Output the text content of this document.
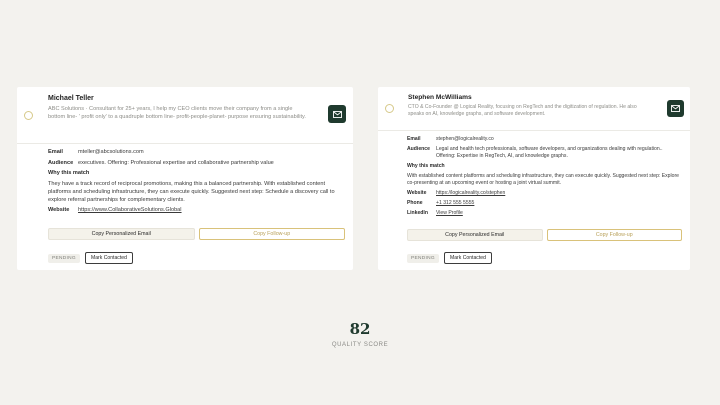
Michael Teller
ABC Solutions · Consultant for 25+ years, I help my CEO clients move their company from a single bottom line- ' profit only' to a quadruple bottom line- profit-people-planet- purpose ensuring sustainability.
Email	mteller@abcsolutions.com
Audience executives. Offering: Professional expertise and collaborative partnership value
Why this match
They have a track record of reciprocal promotions, making this a balanced partnership. With established content platforms and scheduling infrastructure, they can execute quickly. Suggested next step: Schedule a discovery call to explore referral partnerships for complementary clients.
Website	https://www.CollaborativeSolutions.Global
Copy Personalized Email	Copy Follow-up
PENDING	Mark Contacted
Stephen McWilliams
CTO & Co-Founder @ Logical Reality, focusing on RegTech and the digitization of regulation. He also speaks on AI, knowledge graphs, and software development.
Email	stephen@logicalreality.co
Audience	Legal and health tech professionals, software developers, and organizations dealing with regulation.. Offering: Expertise in RegTech, AI, and knowledge graphs.
Why this match
With established content platforms and scheduling infrastructure, they can execute quickly. Suggested next step: Explore co-presenting at an upcoming event or hosting a joint virtual summit.
Website	https://logicalreality.co/stephen
Phone	+1 312 555 5555
LinkedIn	View Profile
Copy Personalized Email	Copy Follow-up
PENDING	Mark Contacted
82
QUALITY SCORE
